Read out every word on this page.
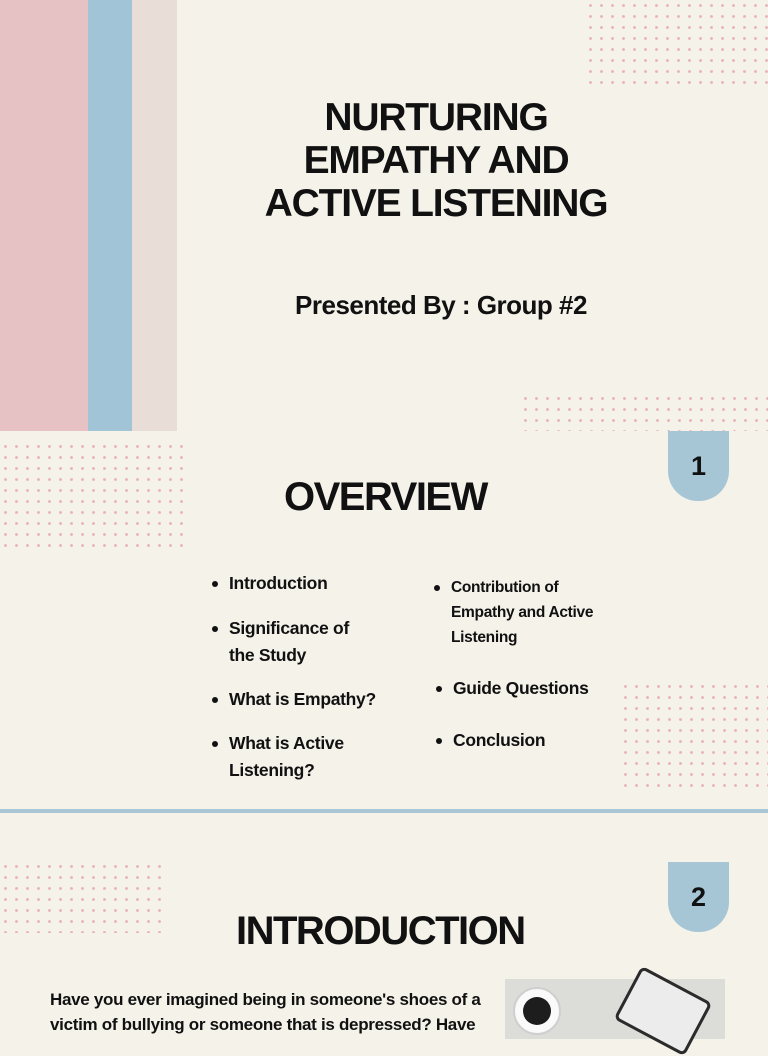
NURTURING EMPATHY AND ACTIVE LISTENING
Presented By : Group #2
1
OVERVIEW
Introduction
Significance of the Study
What is Empathy?
What is Active Listening?
Contribution of Empathy and Active Listening
Guide Questions
Conclusion
2
INTRODUCTION

Have you ever imagined being in someone's shoes of a victim of bullying or someone that is depressed? Have
